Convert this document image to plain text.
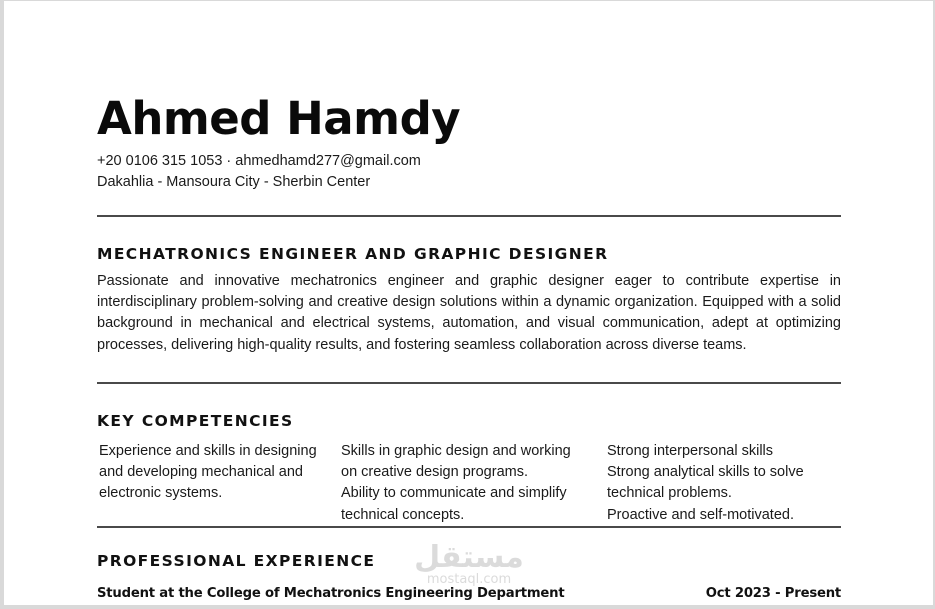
Ahmed Hamdy
+20 0106 315 1053 · ahmedhamd277@gmail.com
Dakahlia - Mansoura City - Sherbin Center
MECHATRONICS ENGINEER AND GRAPHIC DESIGNER
Passionate and innovative mechatronics engineer and graphic designer eager to contribute expertise in interdisciplinary problem-solving and creative design solutions within a dynamic organization. Equipped with a solid background in mechanical and electrical systems, automation, and visual communication, adept at optimizing processes, delivering high-quality results, and fostering seamless collaboration across diverse teams.
KEY COMPETENCIES
Experience and skills in designing
and developing mechanical and
electronic systems.
Skills in graphic design and working
on creative design programs.
Ability to communicate and simplify
technical concepts.
Strong interpersonal skills
Strong analytical skills to solve
technical problems.
Proactive and self-motivated.
PROFESSIONAL EXPERIENCE
Student at the College of Mechatronics Engineering Department	Oct 2023 - Present
مستقل
mostaql.com
